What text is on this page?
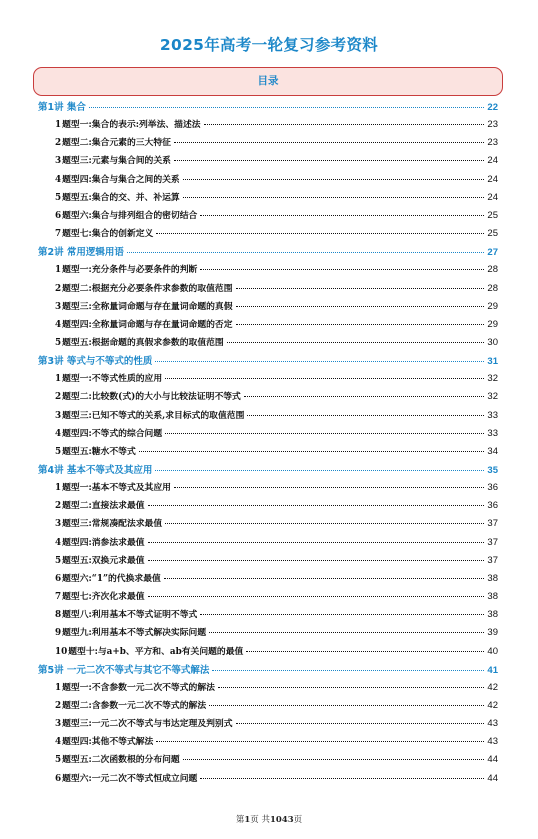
2025年高考一轮复习参考资料
目录
第1讲 集合	22
1题型一:集合的表示:列举法、描述法	23
2题型二:集合元素的三大特征	23
3题型三:元素与集合间的关系	24
4题型四:集合与集合之间的关系	24
5题型五:集合的交、并、补运算	24
6题型六:集合与排列组合的密切结合	25
7题型七:集合的创新定义	25
第2讲 常用逻辑用语	27
1题型一:充分条件与必要条件的判断	28
2题型二:根据充分必要条件求参数的取值范围	28
3题型三:全称量词命题与存在量词命题的真假	29
4题型四:全称量词命题与存在量词命题的否定	29
5题型五:根据命题的真假求参数的取值范围	30
第3讲 等式与不等式的性质	31
1题型一:不等式性质的应用	32
2题型二:比较数(式)的大小与比较法证明不等式	32
3题型三:已知不等式的关系,求目标式的取值范围	33
4题型四:不等式的综合问题	33
5题型五:糖水不等式	34
第4讲 基本不等式及其应用	35
1题型一:基本不等式及其应用	36
2题型二:直接法求最值	36
3题型三:常规凑配法求最值	37
4题型四:消参法求最值	37
5题型五:双换元求最值	37
6题型六:“1”的代换求最值	38
7题型七:齐次化求最值	38
8题型八:利用基本不等式证明不等式	38
9题型九:利用基本不等式解决实际问题	39
10题型十:与a+b、平方和、ab有关问题的最值	40
第5讲 一元二次不等式与其它不等式解法	41
1题型一:不含参数一元二次不等式的解法	42
2题型二:含参数一元二次不等式的解法	42
3题型三:一元二次不等式与韦达定理及判别式	43
4题型四:其他不等式解法	43
5题型五:二次函数根的分布问题	44
6题型六:一元二次不等式恒成立问题	44
第1页 共1043页
